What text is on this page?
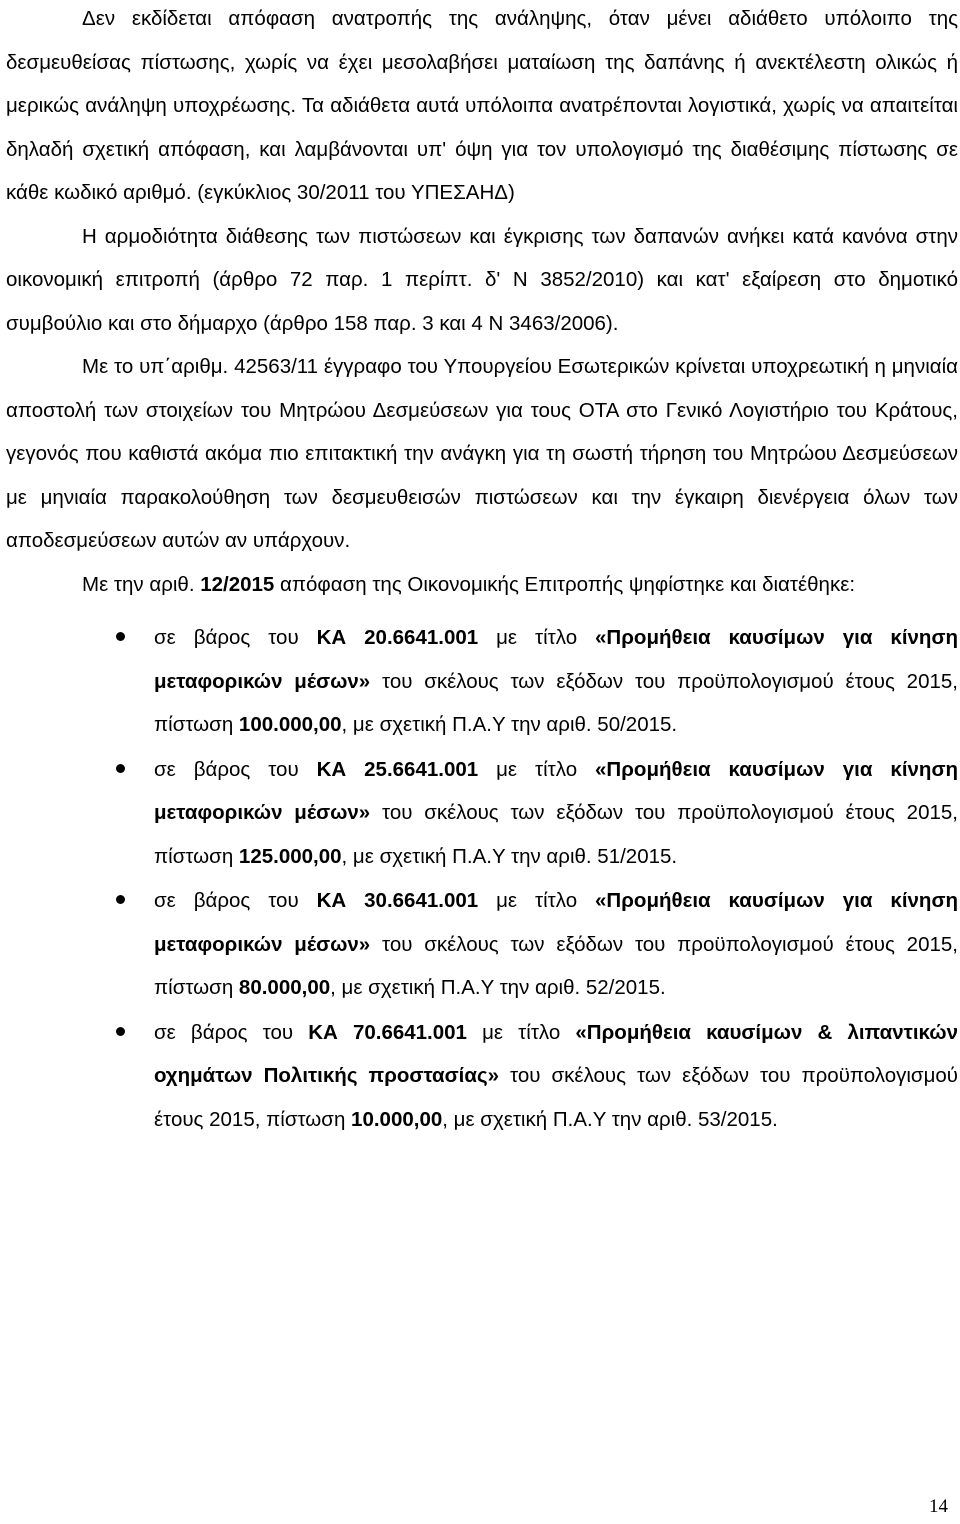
Δεν εκδίδεται απόφαση ανατροπής της ανάληψης, όταν μένει αδιάθετο υπόλοιπο της δεσμευθείσας πίστωσης, χωρίς να έχει μεσολαβήσει ματαίωση της δαπάνης ή ανεκτέλεστη ολικώς ή μερικώς ανάληψη υποχρέωσης. Τα αδιάθετα αυτά υπόλοιπα ανατρέπονται λογιστικά, χωρίς να απαιτείται δηλαδή σχετική απόφαση, και λαμβάνονται υπ' όψη για τον υπολογισμό της διαθέσιμης πίστωσης σε κάθε κωδικό αριθμό. (εγκύκλιος 30/2011 του ΥΠΕΣΑΗΔ)

Η αρμοδιότητα διάθεσης των πιστώσεων και έγκρισης των δαπανών ανήκει κατά κανόνα στην οικονομική επιτροπή (άρθρο 72 παρ. 1 περίπτ. δ' Ν 3852/2010) και κατ' εξαίρεση στο δημοτικό συμβούλιο και στο δήμαρχο (άρθρο 158 παρ. 3 και 4 Ν 3463/2006).

Με το υπ΄αριθμ. 42563/11 έγγραφο του Υπουργείου Εσωτερικών κρίνεται υποχρεωτική η μηνιαία αποστολή των στοιχείων του Μητρώου Δεσμεύσεων για τους ΟΤΑ στο Γενικό Λογιστήριο του Κράτους, γεγονός που καθιστά ακόμα πιο επιτακτική την ανάγκη για τη σωστή τήρηση του Μητρώου Δεσμεύσεων με μηνιαία παρακολούθηση των δεσμευθεισών πιστώσεων και την έγκαιρη διενέργεια όλων των αποδεσμεύσεων αυτών αν υπάρχουν.

Με την αριθ. 12/2015 απόφαση της Οικονομικής Επιτροπής ψηφίστηκε και διατέθηκε:

σε βάρος του ΚΑ 20.6641.001 με τίτλο «Προμήθεια καυσίμων για κίνηση μεταφορικών μέσων» του σκέλους των εξόδων του προϋπολογισμού έτους 2015, πίστωση 100.000,00, με σχετική Π.Α.Υ την αριθ. 50/2015.
σε βάρος του ΚΑ 25.6641.001 με τίτλο «Προμήθεια καυσίμων για κίνηση μεταφορικών μέσων» του σκέλους των εξόδων του προϋπολογισμού έτους 2015, πίστωση 125.000,00, με σχετική Π.Α.Υ την αριθ. 51/2015.
σε βάρος του ΚΑ 30.6641.001 με τίτλο «Προμήθεια καυσίμων για κίνηση μεταφορικών μέσων» του σκέλους των εξόδων του προϋπολογισμού έτους 2015, πίστωση 80.000,00, με σχετική Π.Α.Υ την αριθ. 52/2015.
σε βάρος του ΚΑ 70.6641.001 με τίτλο «Προμήθεια καυσίμων & λιπαντικών οχημάτων Πολιτικής προστασίας» του σκέλους των εξόδων του προϋπολογισμού έτους 2015, πίστωση 10.000,00, με σχετική Π.Α.Υ την αριθ. 53/2015.
14
